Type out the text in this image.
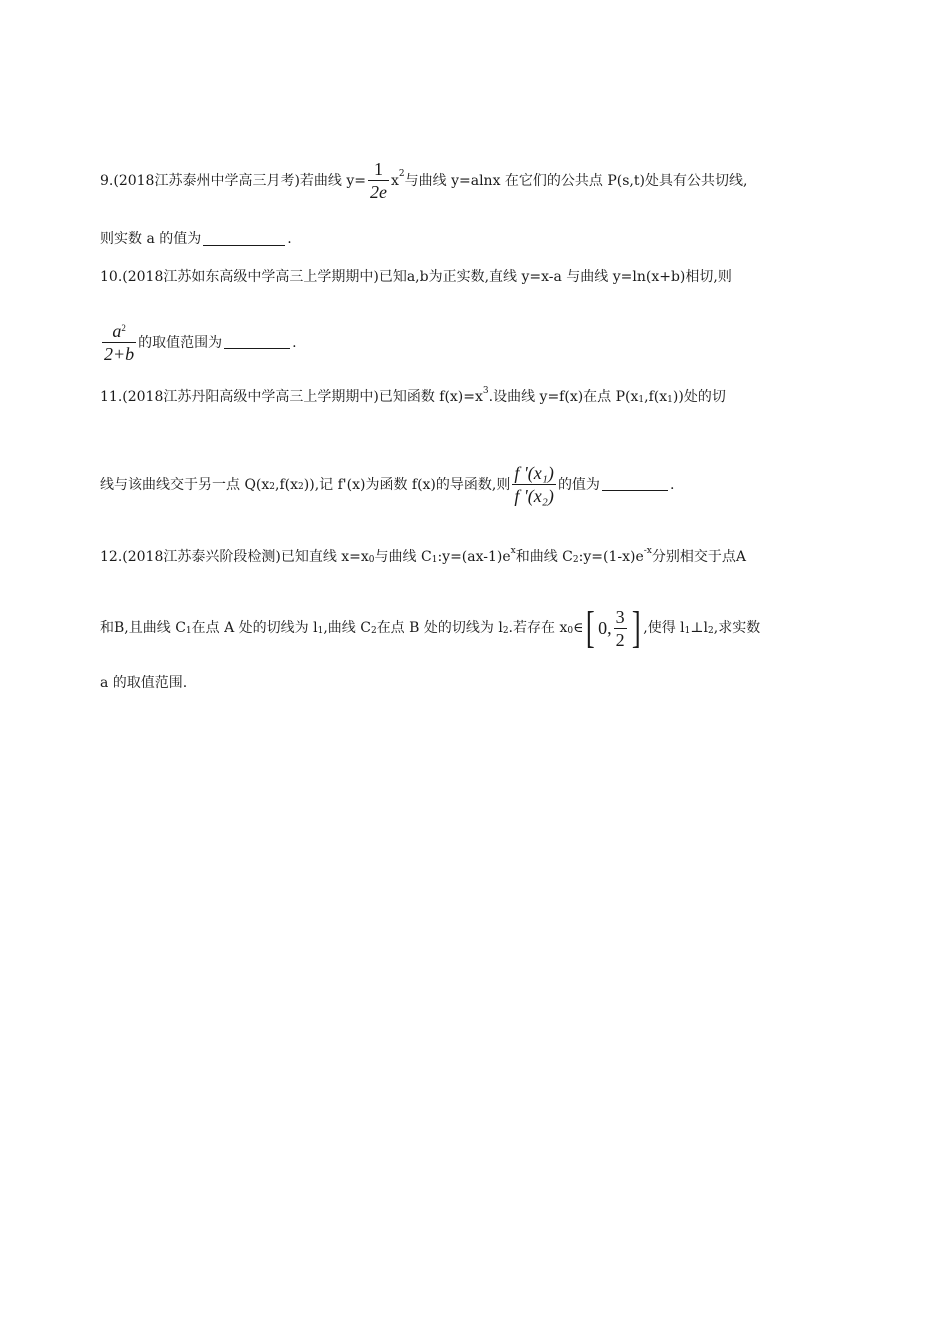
9.(2018江苏泰州中学高三月考)若曲线 $y= \frac{1}{2e}$ x 2 与曲线 y=alnx 在它们的公共点 P(s,t)处具有公共切线,
则实数 a 的值为	.
10.(2018江苏如东高级中学高三上学期期中)已知a,b为正实数,直线 y=x-a 与曲线 y=ln(x+b)相切,则
$\frac{a^2}{2+b}$ 的取值范围为	.
11.(2018江苏丹阳高级中学高三上学期期中)已知函数 f(x)=x 3 .设曲线 y=f(x)在点 P(x 1 ,f(x 1 ))处的切
线与该曲线交于另一点 Q(x 2 ,f(x 2 )),记 f'(x)为函数 f(x)的导函数,则 $\frac{\text{f '(x₁)}}{\text{f '(x₂)}}$ 的值为	.
12.(2018江苏泰兴阶段检测)已知直线 x=x 0 与曲线 C 1 :y=(ax-1)e x 和曲线 C 2 :y=(1-x)e -x 分别相交于点A
和B,且曲线 C 1 在点 A 处的切线为 l 1 ,曲线 C 2 在点 B 处的切线为 l 2 .若存在 x 0 ∈ [ 0 , $\frac{3}{2}$ ] ,使得 l 1 ⊥l 2 ,求实数
a 的取值范围.
